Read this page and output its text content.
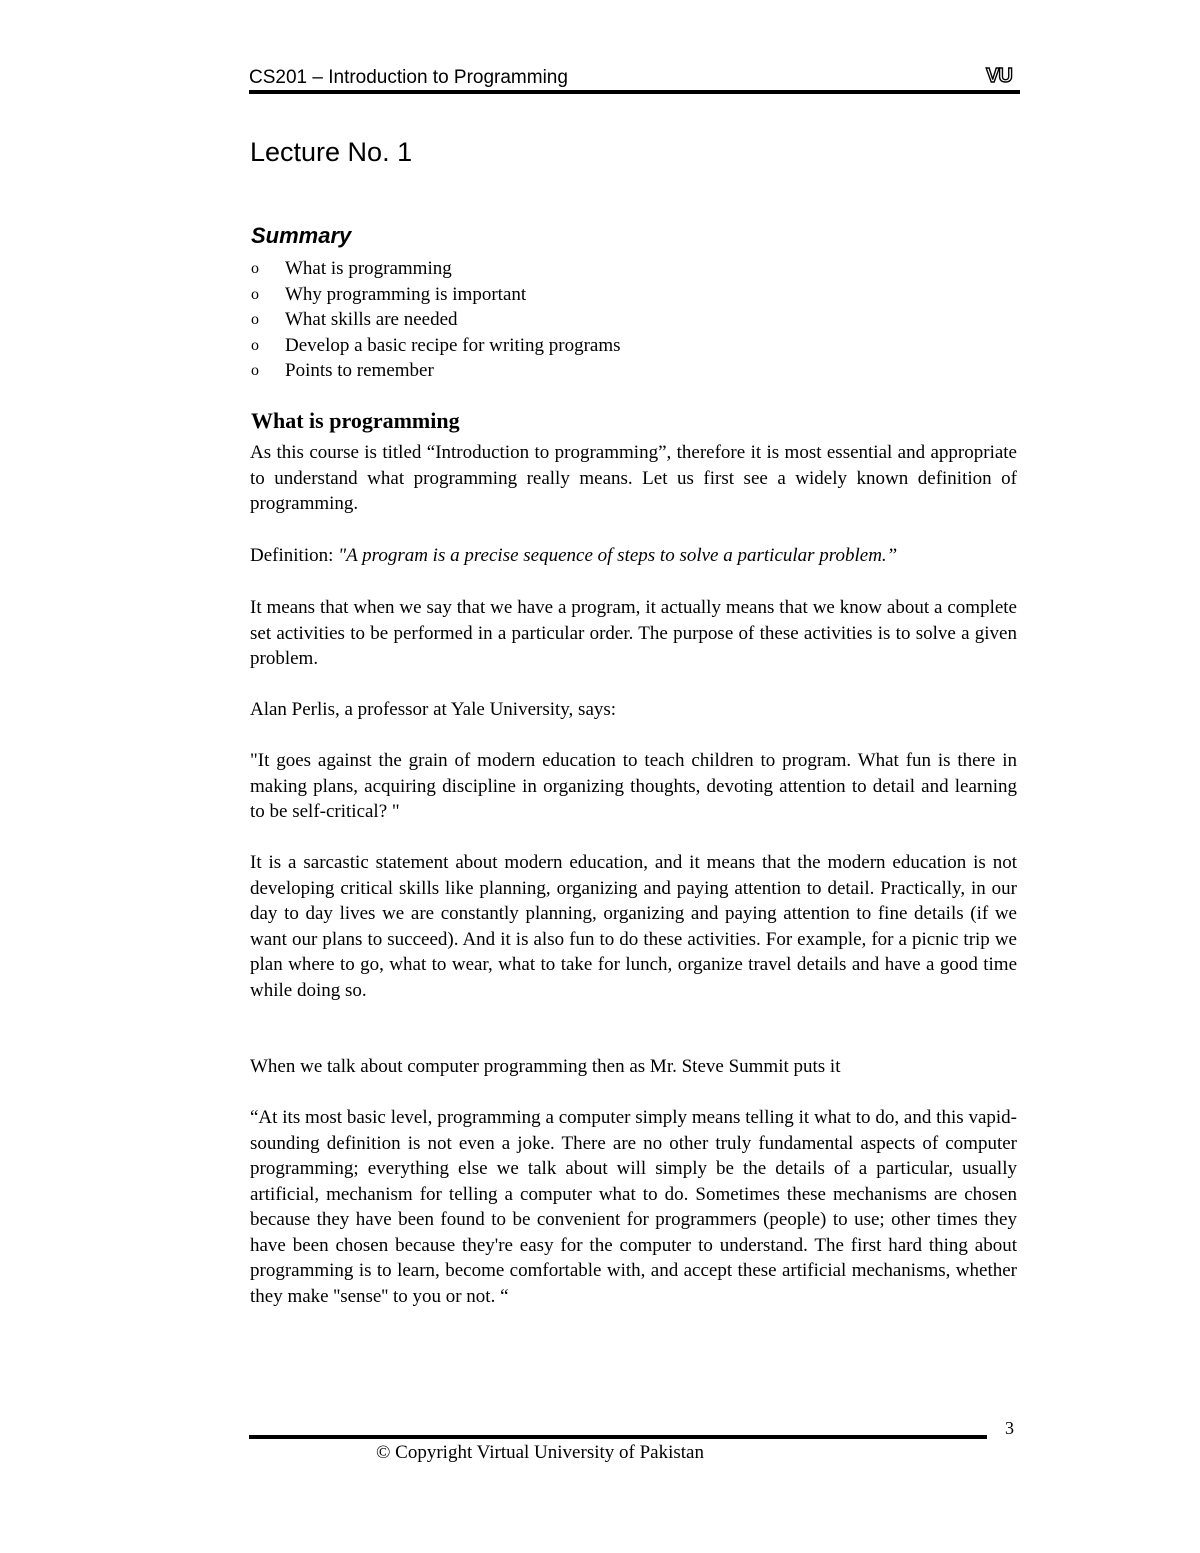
CS201 – Introduction to Programming	VU
Lecture No. 1
Summary
o	What is programming
o	Why programming is important
o	What skills are needed
o	Develop a basic recipe for writing programs
o	Points to remember
What is programming

As this course is titled “Introduction to programming”, therefore it is most essential and appropriate to understand what programming really means. Let us first see a widely known definition of programming.

Definition: "A program is a precise sequence of steps to solve a particular problem.”

It means that when we say that we have a program, it actually means that we know about a complete set activities to be performed in a particular order. The purpose of these activities is to solve a given problem.

Alan Perlis, a professor at Yale University, says:

"It goes against the grain of modern education to teach children to program. What fun is there in making plans, acquiring discipline in organizing thoughts, devoting attention to detail and learning to be self-critical? "

It is a sarcastic statement about modern education, and it means that the modern education is not developing critical skills like planning, organizing and paying attention to detail. Practically, in our day to day lives we are constantly planning, organizing and paying attention to fine details (if we want our plans to succeed). And it is also fun to do these activities. For example, for a picnic trip we plan where to go, what to wear, what to take for lunch, organize travel details and have a good time while doing so.

When we talk about computer programming then as Mr. Steve Summit puts it

“At its most basic level, programming a computer simply means telling it what to do, and this vapid-sounding definition is not even a joke. There are no other truly fundamental aspects of computer programming; everything else we talk about will simply be the details of a particular, usually artificial, mechanism for telling a computer what to do. Sometimes these mechanisms are chosen because they have been found to be convenient for programmers (people) to use; other times they have been chosen because they're easy for the computer to understand. The first hard thing about programming is to learn, become comfortable with, and accept these artificial mechanisms, whether they make ''sense'' to you or not. “

3
© Copyright Virtual University of Pakistan
